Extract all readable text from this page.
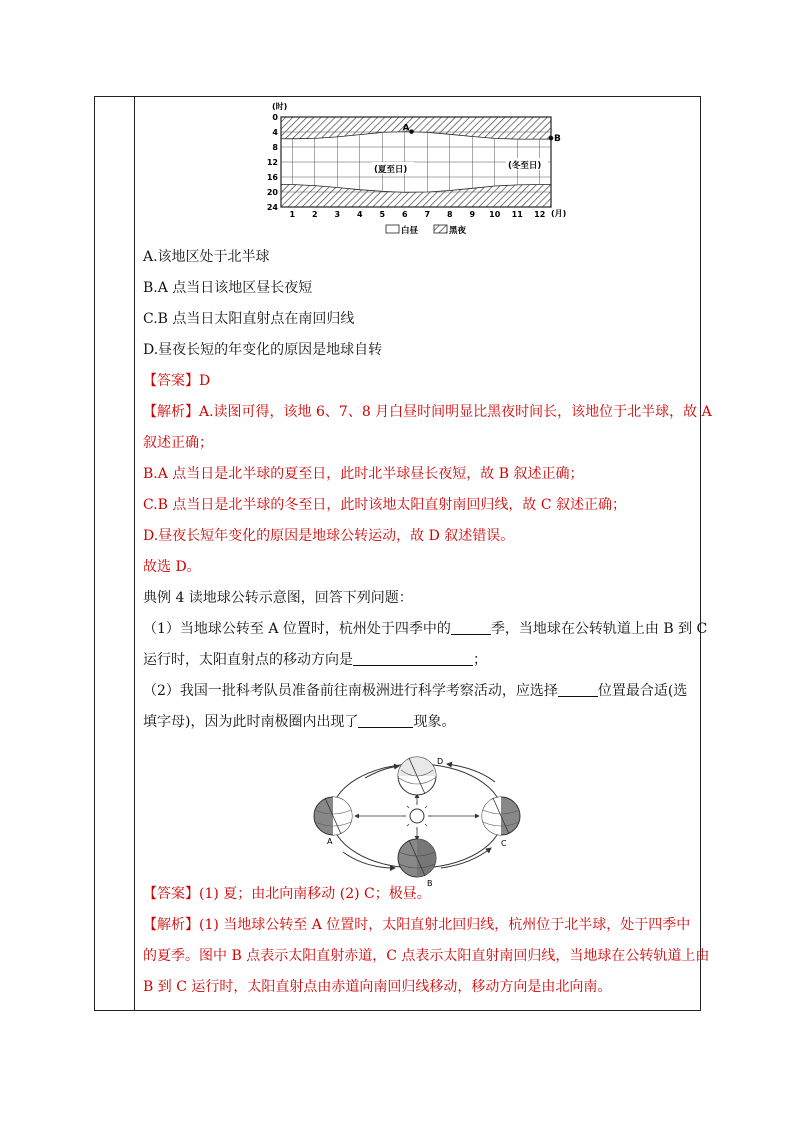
(时)
0
4
8
12
16
20
24
1 2 3 4 5 6 7 8 9 10 11 12
A
B
(夏至日)	(冬至日)
(月)
白昼	黑夜
A.该地区处于北半球
B.A 点当日该地区昼长夜短
C.B 点当日太阳直射点在南回归线
D.昼夜长短的年变化的原因是地球自转
【答案】D
【解析】A.读图可得，该地 6、7、8 月白昼时间明显比黑夜时间长，该地位于北半球，故 A
叙述正确；
B.A 点当日是北半球的夏至日，此时北半球昼长夜短，故 B 叙述正确；
C.B 点当日是北半球的冬至日，此时该地太阳直射南回归线，故 C 叙述正确；
D.昼夜长短年变化的原因是地球公转运动，故 D 叙述错误。
故选 D。
典例 4 读地球公转示意图，回答下列问题：
（1）当地球公转至 A 位置时，杭州处于四季中的	季，当地球在公转轨道上由 B 到 C
运行时，太阳直射点的移动方向是	；
（2）我国一批科考队员准备前往南极洲进行科学考察活动，应选择	位置最合适(选
填字母)，因为此时南极圈内出现了	现象。
【答案】(1) 夏；由北向南移动 (2) C；极昼。
【解析】(1) 当地球公转至 A 位置时，太阳直射北回归线，杭州位于北半球，处于四季中
的夏季。图中 B 点表示太阳直射赤道，C 点表示太阳直射南回归线，当地球在公转轨道上由
B 到 C 运行时，太阳直射点由赤道向南回归线移动，移动方向是由北向南。
D
A	C
B
